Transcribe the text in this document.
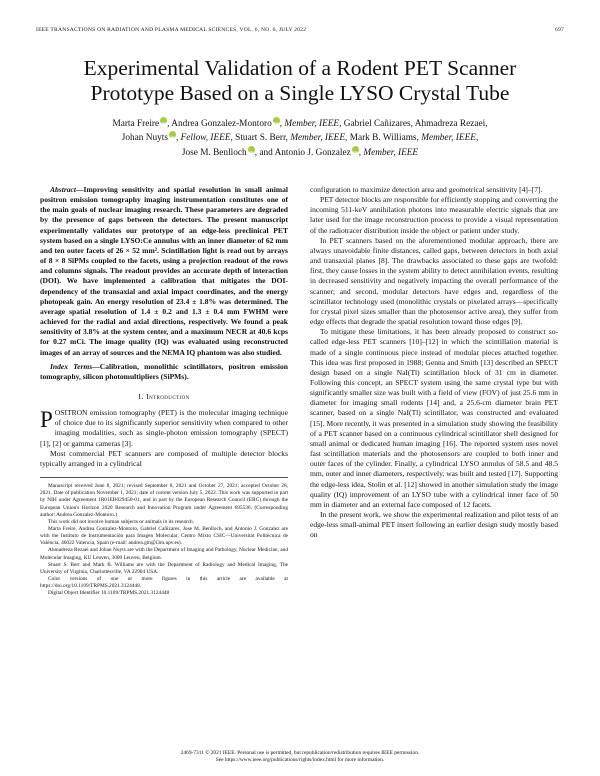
IEEE TRANSACTIONS ON RADIATION AND PLASMA MEDICAL SCIENCES, VOL. 6, NO. 6, JULY 2022	697
Experimental Validation of a Rodent PET Scanner
Prototype Based on a Single LYSO Crystal Tube
Marta Freire iD , Andrea Gonzalez-Montoro iD , Member, IEEE, Gabriel Cañizares, Ahmadreza Rezaei,
Johan Nuyts iD , Fellow, IEEE, Stuart S. Berr, Member, IEEE, Mark B. Williams, Member, IEEE,
Jose M. Benlloch iD , and Antonio J. Gonzalez iD , Member, IEEE

Abstract—Improving sensitivity and spatial resolution in small animal positron emission tomography imaging instrumentation constitutes one of the main goals of nuclear imaging research. These parameters are degraded by the presence of gaps between the detectors. The present manuscript experimentally validates our prototype of an edge-less preclinical PET system based on a single LYSO:Ce annulus with an inner diameter of 62 mm and ten outer facets of 26 × 52 mm². Scintillation light is read out by arrays of 8 × 8 SiPMs coupled to the facets, using a projection readout of the rows and columns signals. The readout provides an accurate depth of interaction (DOI). We have implemented a calibration that mitigates the DOI-dependency of the transaxial and axial impact coordinates, and the energy photopeak gain. An energy resolution of 23.4 ± 1.8% was determined. The average spatial resolution of 1.4 ± 0.2 and 1.3 ± 0.4 mm FWHM were achieved for the radial and axial directions, respectively. We found a peak sensitivity of 3.8% at the system center, and a maximum NECR at 40.6 kcps for 0.27 mCi. The image quality (IQ) was evaluated using reconstructed images of an array of sources and the NEMA IQ phantom was also studied.

Index Terms—Calibration, monolithic scintillators, positron emission tomography, silicon photomultipliers (SiPMs).

I. Introduction

POSITRON emission tomography (PET) is the molecular imaging technique of choice due to its significantly superior sensitivity when compared to other imaging modalities, such as single-photon emission tomography (SPECT) [1], [2] or gamma cameras [3].

Most commercial PET scanners are composed of multiple detector blocks typically arranged in a cylindrical

Manuscript received June 8, 2021; revised September 8, 2021 and October 27, 2021; accepted October 28, 2021. Date of publication November 1, 2021; date of current version July 5, 2022. This work was supported in part by NIH under Agreement 1R01EB029450-01, and in part by the European Research Council (ERC) through the European Union's Horizon 2020 Research and Innovation Program under Agreement 695536. (Corresponding author: Andrea Gonzalez-Montoro.)

This work did not involve human subjects or animals in its research.

Marta Freire, Andrea Gonzalez-Montoro, Gabriel Cañizares, Jose M. Benlloch, and Antonio J. Gonzalez are with the Instituto de Instrumentación para Imagen Molecular, Centro Mixto CSIC—Universitat Politècnica de València, 46022 Valencia, Spain (e-mail: andrea.gm@i3m.upv.es).

Ahmadreza Rezaei and Johan Nuyts are with the Department of Imaging and Pathology, Nuclear Medicine, and Molecular Imaging, KU Leuven, 3000 Leuven, Belgium.

Stuart S. Berr and Mark B. Williams are with the Department of Radiology and Medical Imaging, The University of Virginia, Charlottesville, VA 22904 USA.

Color versions of one or more figures in this article are available at https://doi.org/10.1109/TRPMS.2021.3124448.

Digital Object Identifier 10.1109/TRPMS.2021.3124448

configuration to maximize detection area and geometrical sensitivity [4]–[7].

PET detector blocks are responsible for efficiently stopping and converting the incoming 511-keV annihilation photons into measurable electric signals that are later used for the image reconstruction process to provide a visual representation of the radiotracer distribution inside the object or patient under study.

In PET scanners based on the aforementioned modular approach, there are always unavoidable finite distances, called gaps, between detectors in both axial and transaxial planes [8]. The drawbacks associated to these gaps are twofold: first, they cause losses in the system ability to detect annihilation events, resulting in decreased sensitivity and negatively impacting the overall performance of the scanner; and second, modular detectors have edges and, regardless of the scintillator technology used (monolithic crystals or pixelated arrays—specifically for crystal pixel sizes smaller than the photosensor active area), they suffer from edge effects that degrade the spatial resolution toward those edges [9].

To mitigate these limitations, it has been already proposed to construct so-called edge-less PET scanners [10]–[12] in which the scintillation material is made of a single continuous piece instead of modular pieces attached together. This idea was first proposed in 1988; Genna and Smith [13] described an SPECT design based on a single NaI(Tl) scintillation block of 31 cm in diameter. Following this concept, an SPECT system using the same crystal type but with significantly smaller size was built with a field of view (FOV) of just 25.6 mm in diameter for imaging small rodents [14] and, a 25.6-cm diameter brain PET scanner, based on a single NaI(Tl) scintillator, was constructed and evaluated [15]. More recently, it was presented in a simulation study showing the feasibility of a PET scanner based on a continuous cylindrical scintillator shell designed for small animal or dedicated human imaging [16]. The reported system uses novel fast scintillation materials and the photosensors are coupled to both inner and outer faces of the cylinder. Finally, a cylindrical LYSO annulus of 58.5 and 48.5 mm, outer and inner diameters, respectively, was built and tested [17]. Supporting the edge-less idea, Stolin et al. [12] showed in another simulation study the image quality (IQ) improvement of an LYSO tube with a cylindrical inner face of 50 mm in diameter and an external face composed of 12 facets.

In the present work, we show the experimental realization and pilot tests of an edge-less small-animal PET insert following an earlier design study mostly based on

2469-7311 © 2021 IEEE. Personal use is permitted, but republication/redistribution requires IEEE permission.
See https://www.ieee.org/publications/rights/index.html for more information.
